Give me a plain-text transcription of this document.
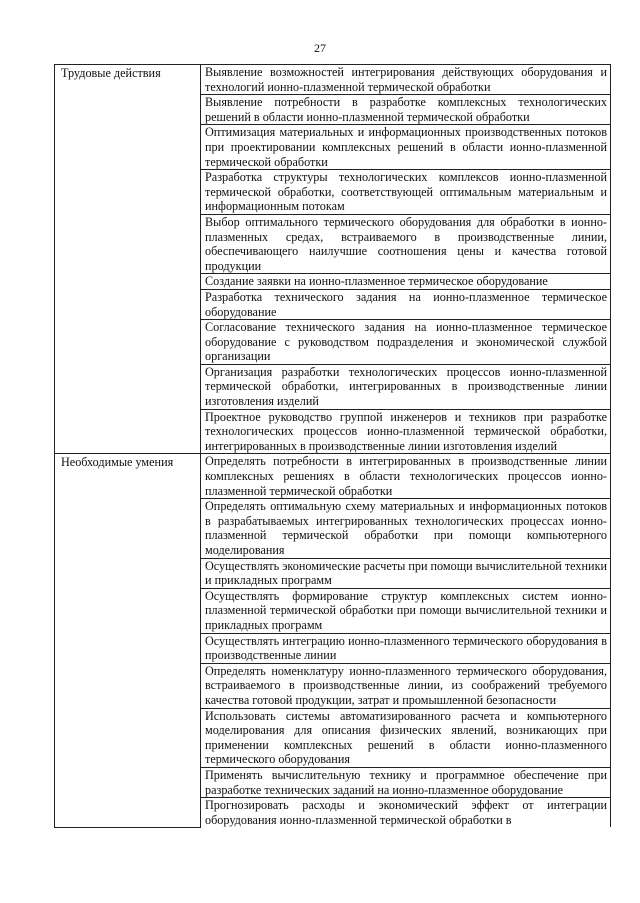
27
Трудовые действия	Выявление возможностей интегрирования действующих оборудования и технологий ионно-плазменной термической обработки
	Выявление потребности в разработке комплексных технологических решений в области ионно-плазменной термической обработки
	Оптимизация материальных и информационных производственных потоков при проектировании комплексных решений в области ионно-плазменной термической обработки
	Разработка структуры технологических комплексов ионно-плазменной термической обработки, соответствующей оптимальным материальным и информационным потокам
	Выбор оптимального термического оборудования для обработки в ионно-плазменных средах, встраиваемого в производственные линии, обеспечивающего наилучшие соотношения цены и качества готовой продукции
	Создание заявки на ионно-плазменное термическое оборудование
	Разработка технического задания на ионно-плазменное термическое оборудование
	Согласование технического задания на ионно-плазменное термическое оборудование с руководством подразделения и экономической службой организации
	Организация разработки технологических процессов ионно-плазменной термической обработки, интегрированных в производственные линии изготовления изделий
	Проектное руководство группой инженеров и техников при разработке технологических процессов ионно-плазменной термической обработки, интегрированных в производственные линии изготовления изделий
Необходимые умения	Определять потребности в интегрированных в производственные линии комплексных решениях в области технологических процессов ионно-плазменной термической обработки
	Определять оптимальную схему материальных и информационных потоков в разрабатываемых интегрированных технологических процессах ионно-плазменной термической обработки при помощи компьютерного моделирования
	Осуществлять экономические расчеты при помощи вычислительной техники и прикладных программ
	Осуществлять формирование структур комплексных систем ионно-плазменной термической обработки при помощи вычислительной техники и прикладных программ
	Осуществлять интеграцию ионно-плазменного термического оборудования в производственные линии
	Определять номенклатуру ионно-плазменного термического оборудования, встраиваемого в производственные линии, из соображений требуемого качества готовой продукции, затрат и промышленной безопасности
	Использовать системы автоматизированного расчета и компьютерного моделирования для описания физических явлений, возникающих при применении комплексных решений в области ионно-плазменного термического оборудования
	Применять вычислительную технику и программное обеспечение при разработке технических заданий на ионно-плазменное оборудование
	Прогнозировать расходы и экономический эффект от интеграции оборудования ионно-плазменной термической обработки в
